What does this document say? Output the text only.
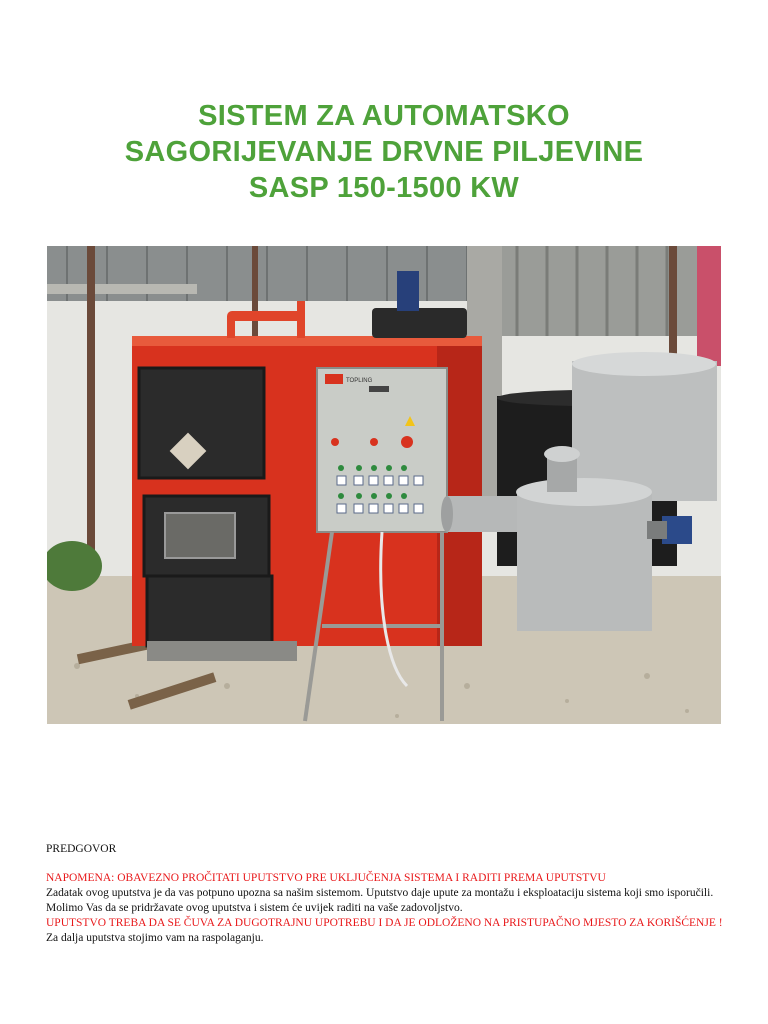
SISTEM ZA AUTOMATSKO
SAGORIJEVANJE DRVNE PILJEVINE
SASP 150-1500 KW
TOPLING

PREDGOVOR

NAPOMENA: OBAVEZNO PROČITATI UPUTSTVO PRE UKLJUČENJA SISTEMA I RADITI PREMA UPUTSTVU

Zadatak ovog uputstva je da vas potpuno upozna sa našim sistemom. Uputstvo daje upute za montažu i eksploataciju sistema koji smo isporučili.

Molimo Vas da se pridržavate ovog uputstva i sistem će uvijek raditi na vaše zadovoljstvo.

UPUTSTVO TREBA DA SE ČUVA ZA DUGOTRAJNU UPOTREBU I DA JE ODLOŽENO NA PRISTUPAČNO MJESTO ZA KORIŠĆENJE !

Za dalja uputstva stojimo vam na raspolaganju.
